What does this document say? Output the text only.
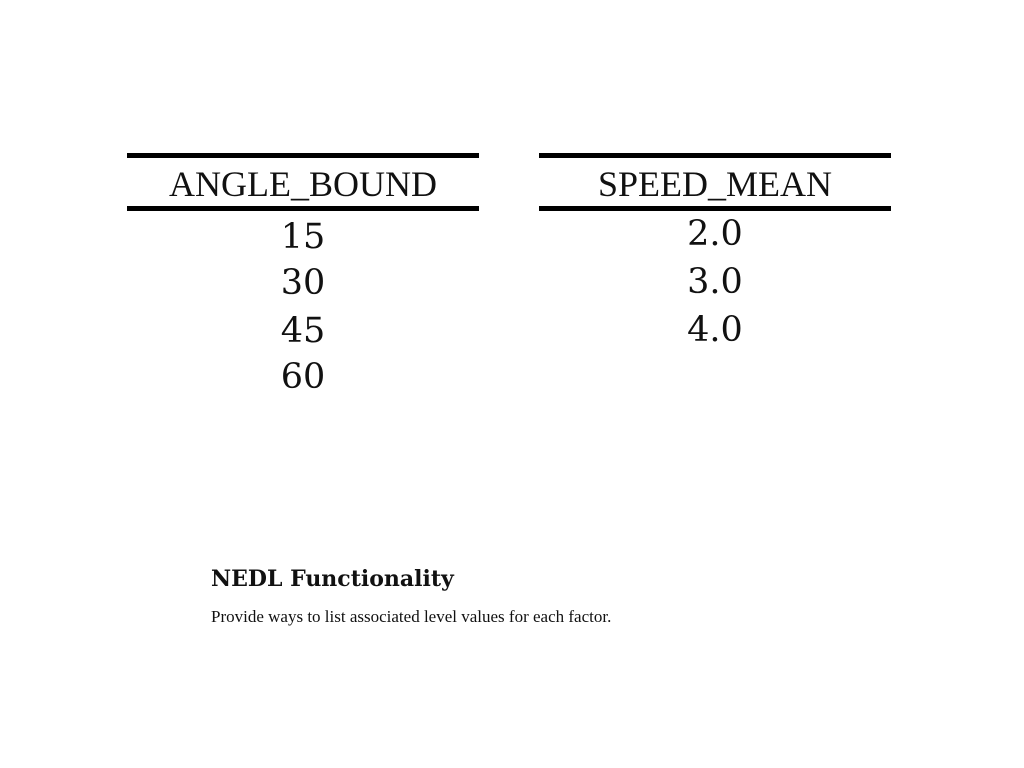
ANGLE_BOUND
15
30
45
60
SPEED_MEAN
2.0
3.0
4.0
NEDL Functionality

Provide ways to list associated level values for each factor.
